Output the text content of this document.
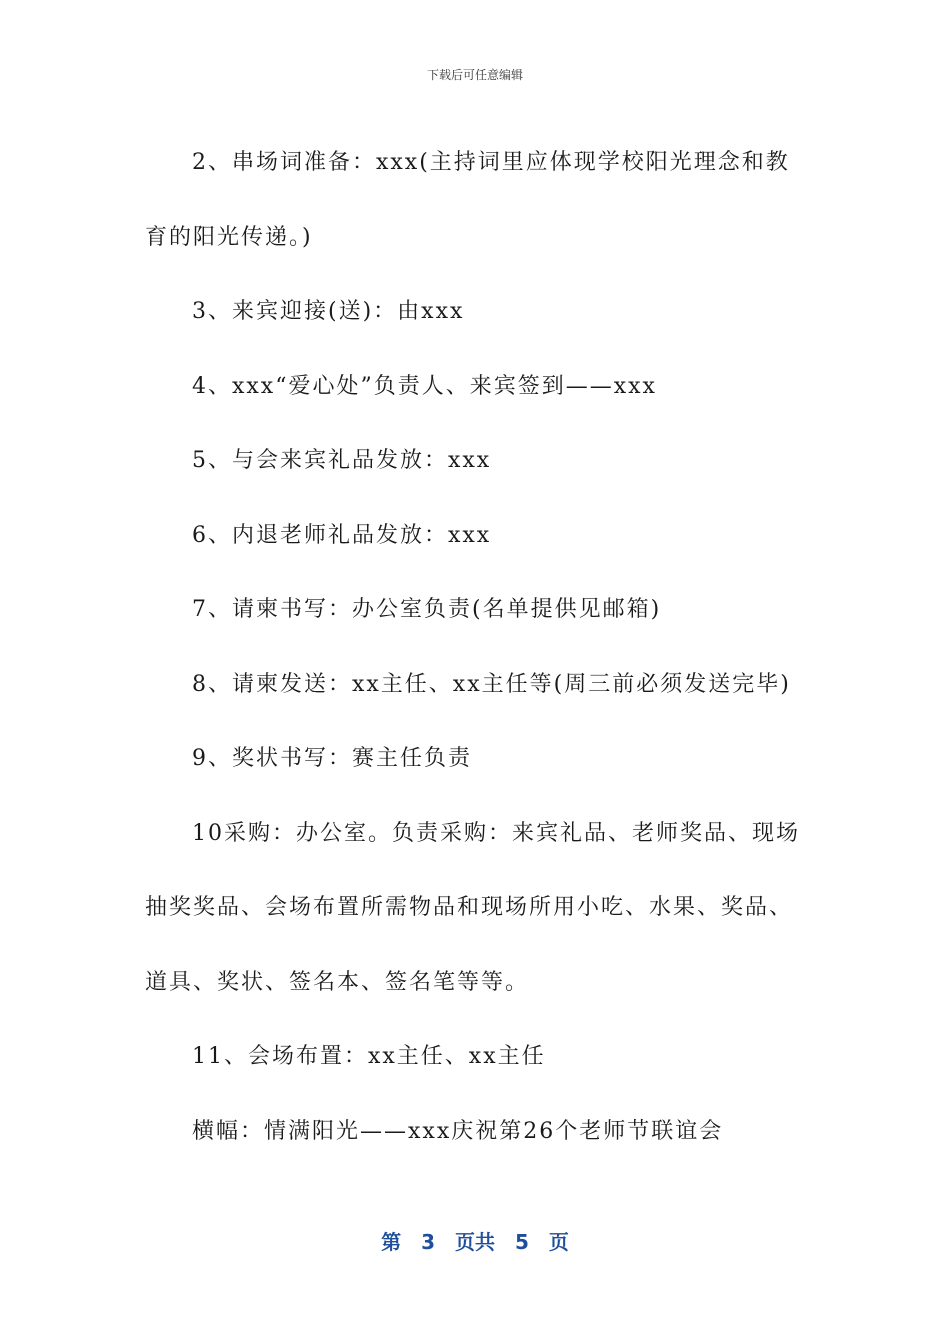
下载后可任意编辑

2、串场词准备：xxx(主持词里应体现学校阳光理念和教育的阳光传递。)

3、来宾迎接(送)：由xxx

4、xxx“爱心处”负责人、来宾签到——xxx

5、与会来宾礼品发放：xxx

6、内退老师礼品发放：xxx

7、请柬书写：办公室负责(名单提供见邮箱)

8、请柬发送：xx主任、xx主任等(周三前必须发送完毕)

9、奖状书写：赛主任负责

10采购：办公室。负责采购：来宾礼品、老师奖品、现场抽奖奖品、会场布置所需物品和现场所用小吃、水果、奖品、道具、奖状、签名本、签名笔等等。

11、会场布置：xx主任、xx主任

横幅：情满阳光——xxx庆祝第26个老师节联谊会

第 3 页共 5 页
